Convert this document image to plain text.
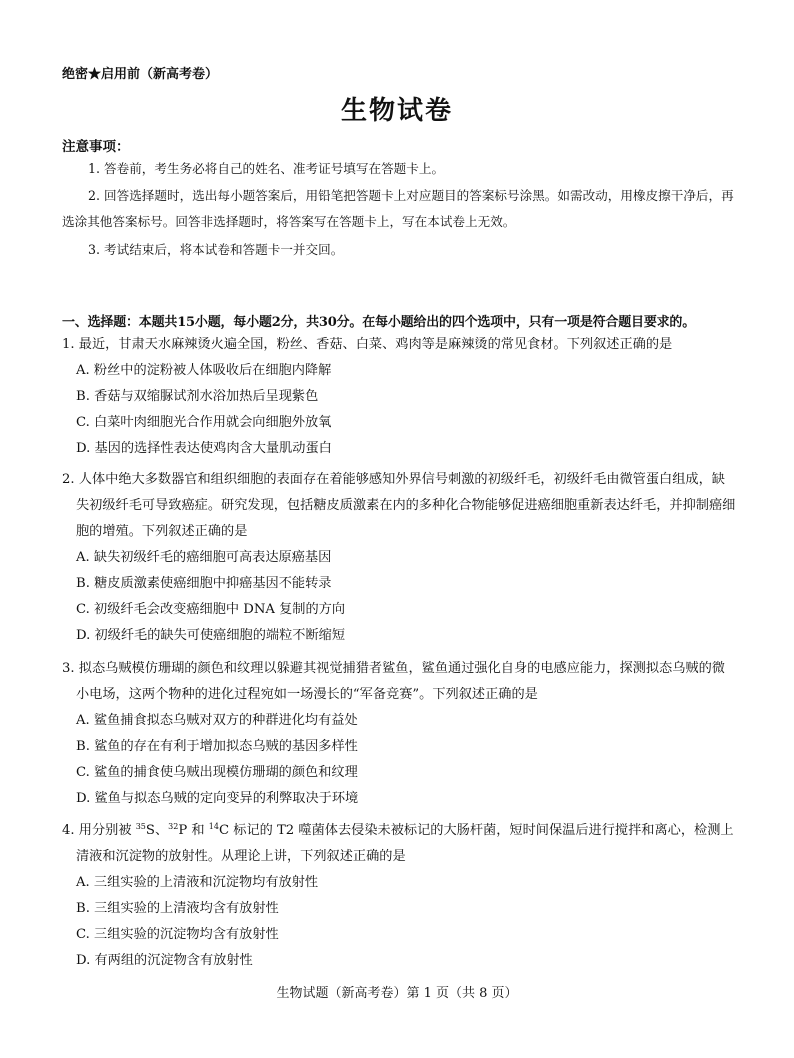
绝密★启用前（新高考卷）
生物试卷
注意事项：
1. 答卷前，考生务必将自己的姓名、准考证号填写在答题卡上。
2. 回答选择题时，选出每小题答案后，用铅笔把答题卡上对应题目的答案标号涂黑。如需改动，用橡皮擦干净后，再选涂其他答案标号。回答非选择题时，将答案写在答题卡上，写在本试卷上无效。
3. 考试结束后，将本试卷和答题卡一并交回。
一、选择题：本题共15小题，每小题2分，共30分。在每小题给出的四个选项中，只有一项是符合题目要求的。
1. 最近，甘肃天水麻辣烫火遍全国，粉丝、香菇、白菜、鸡肉等是麻辣烫的常见食材。下列叙述正确的是
A. 粉丝中的淀粉被人体吸收后在细胞内降解
B. 香菇与双缩脲试剂水浴加热后呈现紫色
C. 白菜叶肉细胞光合作用就会向细胞外放氧
D. 基因的选择性表达使鸡肉含大量肌动蛋白
2. 人体中绝大多数器官和组织细胞的表面存在着能够感知外界信号刺激的初级纤毛，初级纤毛由微管蛋白组成，缺失初级纤毛可导致癌症。研究发现，包括糖皮质激素在内的多种化合物能够促进癌细胞重新表达纤毛，并抑制癌细胞的增殖。下列叙述正确的是
A. 缺失初级纤毛的癌细胞可高表达原癌基因
B. 糖皮质激素使癌细胞中抑癌基因不能转录
C. 初级纤毛会改变癌细胞中 DNA 复制的方向
D. 初级纤毛的缺失可使癌细胞的端粒不断缩短
3. 拟态乌贼模仿珊瑚的颜色和纹理以躲避其视觉捕猎者鲨鱼，鲨鱼通过强化自身的电感应能力，探测拟态乌贼的微小电场，这两个物种的进化过程宛如一场漫长的“军备竞赛”。下列叙述正确的是
A. 鲨鱼捕食拟态乌贼对双方的种群进化均有益处
B. 鲨鱼的存在有利于增加拟态乌贼的基因多样性
C. 鲨鱼的捕食使乌贼出现模仿珊瑚的颜色和纹理
D. 鲨鱼与拟态乌贼的定向变异的利弊取决于环境
4. 用分别被 $^{35}$S、$^{32}$P 和 $^{14}$C 标记的 T2 噬菌体去侵染未被标记的大肠杆菌，短时间保温后进行搅拌和离心，检测上清液和沉淀物的放射性。从理论上讲，下列叙述正确的是
A. 三组实验的上清液和沉淀物均有放射性
B. 三组实验的上清液均含有放射性
C. 三组实验的沉淀物均含有放射性
D. 有两组的沉淀物含有放射性
生物试题（新高考卷）第 1 页（共 8 页）
